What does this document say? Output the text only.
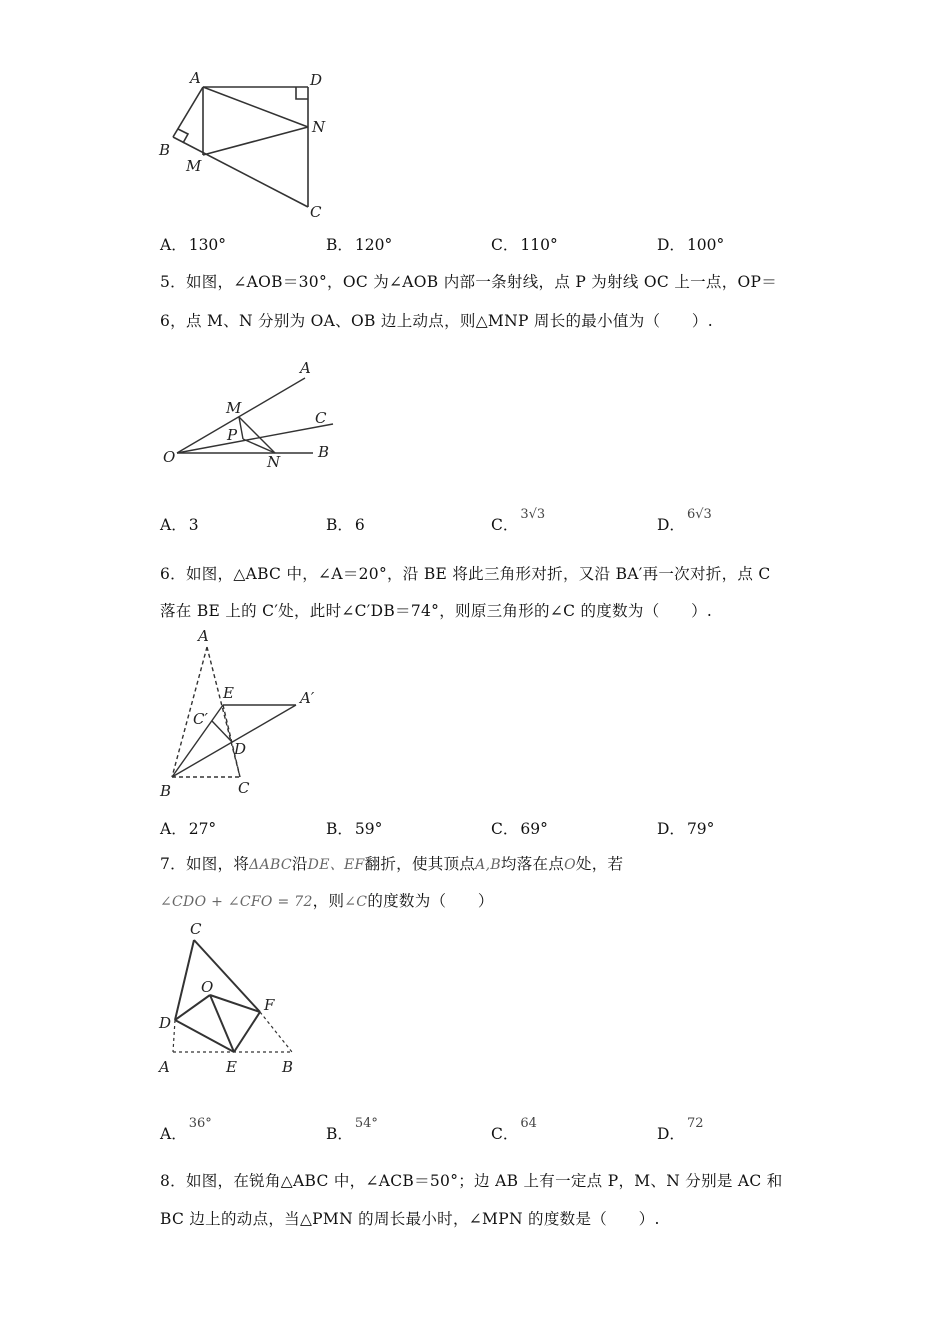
A	D
N
B
M
C
A． 130°	B． 120°	C． 110°	D． 100°
5．如图，∠AOB＝30°，OC 为∠AOB 内部一条射线，点 P 为射线 OC 上一点，OP＝
6，点 M、N 分别为 OA、OB 边上动点，则△MNP 周长的最小值为（　　）.
A
M
C
P
O	N
B
A． 3	B． 6	C．$^{3√3}$
D．$^{6√3}$
6．如图，△ABC 中，∠A＝20°，沿 BE 将此三角形对折，又沿 BA′再一次对折，点 C
落在 BE 上的 C′处，此时∠C′DB＝74°，则原三角形的∠C 的度数为（　　）.
A
E	A′
C′
D
B	C
A． 27°	B． 59°	C． 69°	D． 79°
7．如图，将ΔABC沿DE、EF翻折，使其顶点A,B均落在点O处，若
∠CDO + ∠CFO = 72，则∠C的度数为（　　）
C
O
F
D
A	E	B
A．$^{36^\circ}$
B．$^{54^\circ}$
C．$^{64}$
D．$^{72}$
8．如图，在锐角△ABC 中，∠ACB＝50°；边 AB 上有一定点 P，M、N 分别是 AC 和
BC 边上的动点，当△PMN 的周长最小时，∠MPN 的度数是（　　）.
